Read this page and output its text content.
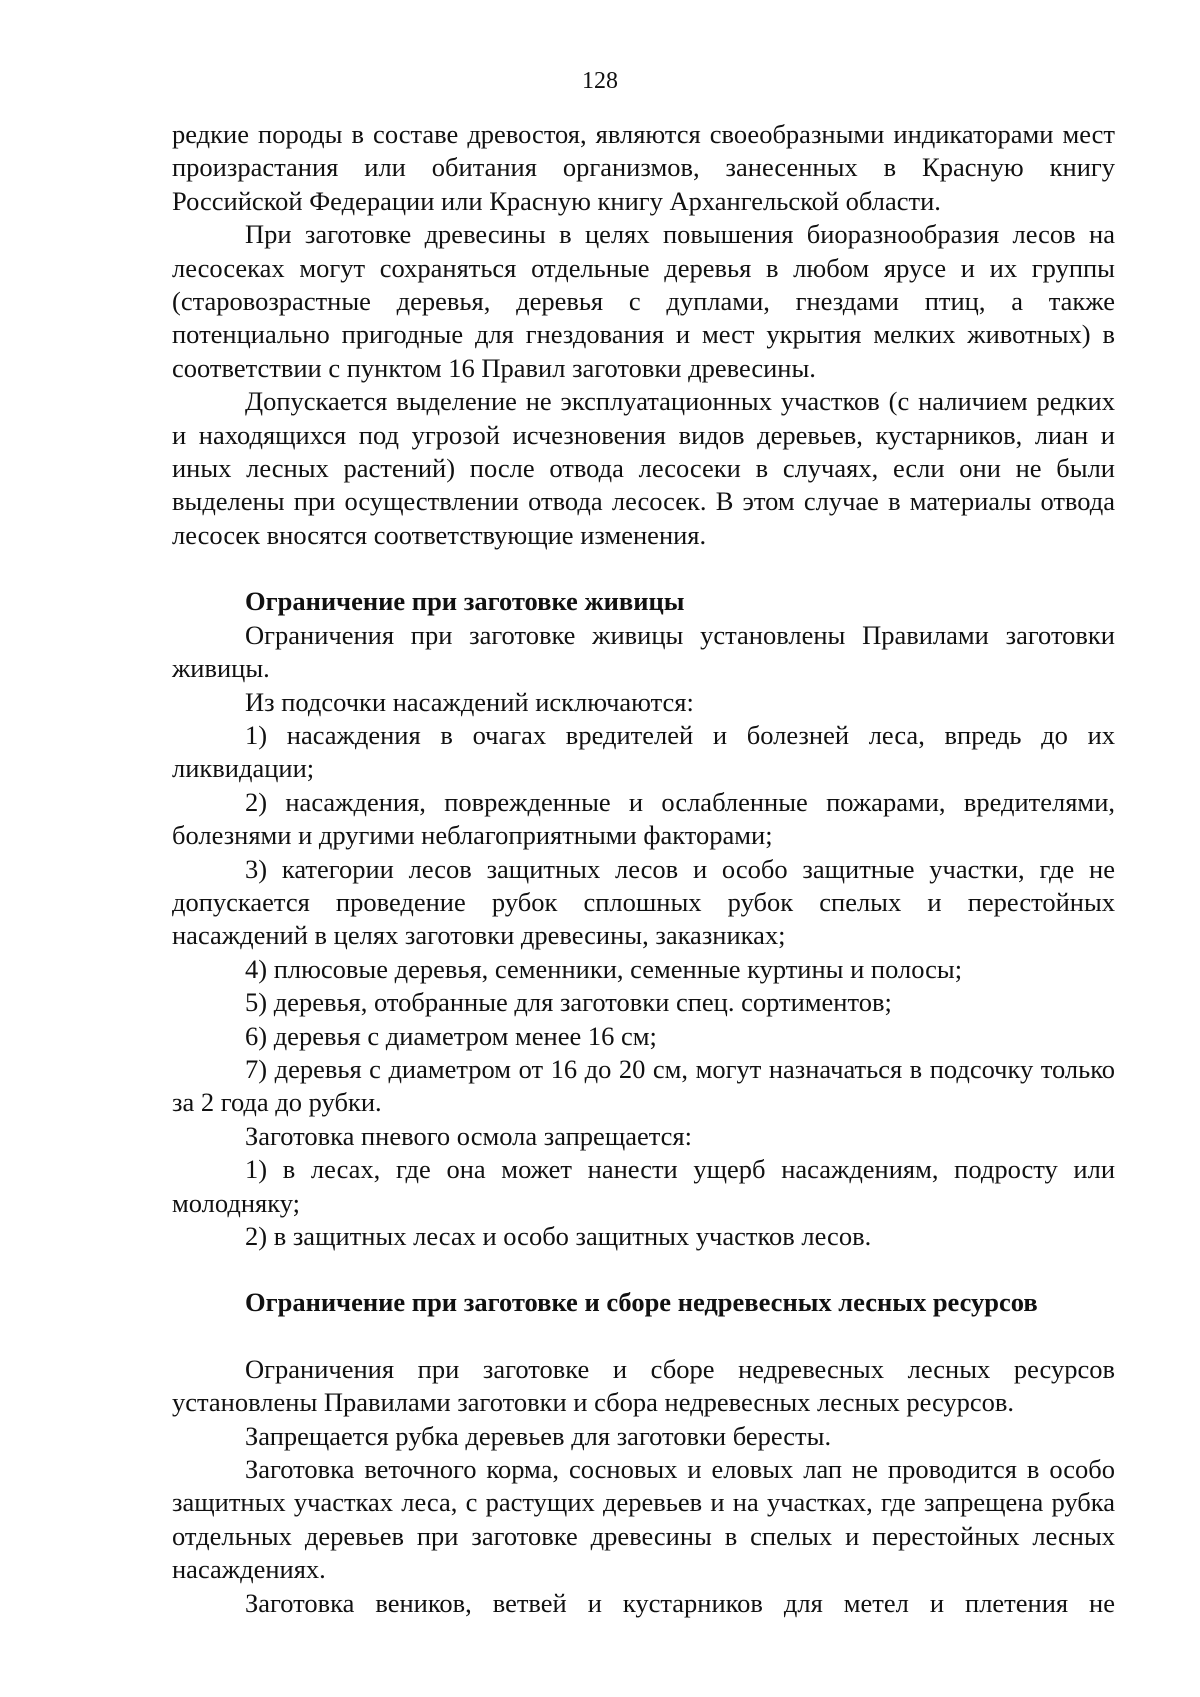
128

редкие породы в составе древостоя, являются своеобразными индикаторами мест произрастания или обитания организмов, занесенных в Красную книгу Российской Федерации или Красную книгу Архангельской области.

При заготовке древесины в целях повышения биоразнообразия лесов на лесосеках могут сохраняться отдельные деревья в любом ярусе и их группы (старовозрастные деревья, деревья с дуплами, гнездами птиц, а также потенциально пригодные для гнездования и мест укрытия мелких животных) в соответствии с пунктом 16 Правил заготовки древесины.

Допускается выделение не эксплуатационных участков (с наличием редких и находящихся под угрозой исчезновения видов деревьев, кустарников, лиан и иных лесных растений) после отвода лесосеки в случаях, если они не были выделены при осуществлении отвода лесосек. В этом случае в материалы отвода лесосек вносятся соответствующие изменения.

Ограничение при заготовке живицы

Ограничения при заготовке живицы установлены Правилами заготовки живицы.

Из подсочки насаждений исключаются:

1) насаждения в очагах вредителей и болезней леса, впредь до их ликвидации;

2) насаждения, поврежденные и ослабленные пожарами, вредителями, болезнями и другими неблагоприятными факторами;

3) категории лесов защитных лесов и особо защитные участки, где не допускается проведение рубок сплошных рубок спелых и перестойных насаждений в целях заготовки древесины, заказниках;

4) плюсовые деревья, семенники, семенные куртины и полосы;

5) деревья, отобранные для заготовки спец. сортиментов;

6) деревья с диаметром менее 16 см;

7) деревья с диаметром от 16 до 20 см, могут назначаться в подсочку только за 2 года до рубки.

Заготовка пневого осмола запрещается:

1) в лесах, где она может нанести ущерб насаждениям, подросту или молодняку;

2) в защитных лесах и особо защитных участков лесов.

Ограничение при заготовке и сборе недревесных лесных ресурсов

Ограничения при заготовке и сборе недревесных лесных ресурсов установлены Правилами заготовки и сбора недревесных лесных ресурсов.

Запрещается рубка деревьев для заготовки бересты.

Заготовка веточного корма, сосновых и еловых лап не проводится в особо защитных участках леса, с растущих деревьев и на участках, где запрещена рубка отдельных деревьев при заготовке древесины в спелых и перестойных лесных насаждениях.

Заготовка веников, ветвей и кустарников для метел и плетения не
